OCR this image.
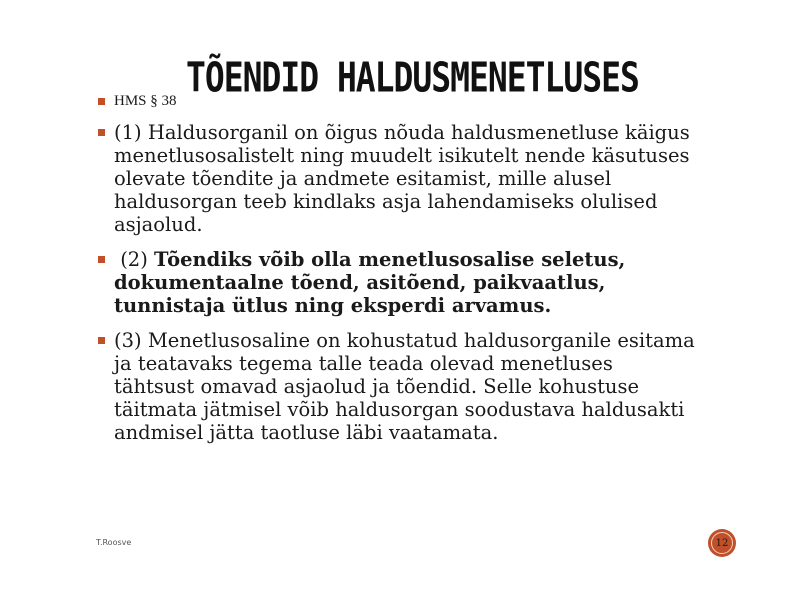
TÕENDID HALDUSMENETLUSES
HMS § 38
(1) Haldusorganil on õigus nõuda haldusmenetluse käigus menetlusosalistelt ning muudelt isikutelt nende käsutuses olevate tõendite ja andmete esitamist, mille alusel haldusorgan teeb kindlaks asja lahendamiseks olulised asjaolud.
(2) Tõendiks võib olla menetlusosalise seletus, dokumentaalne tõend, asitõend, paikvaatlus, tunnistaja ütlus ning eksperdi arvamus.
(3) Menetlusosaline on kohustatud haldusorganile esitama ja teatavaks tegema talle teada olevad menetluses tähtsust omavad asjaolud ja tõendid. Selle kohustuse täitmata jätmisel võib haldusorgan soodustava haldusakti andmisel jätta taotluse läbi vaatamata.
T.Roosve	12
